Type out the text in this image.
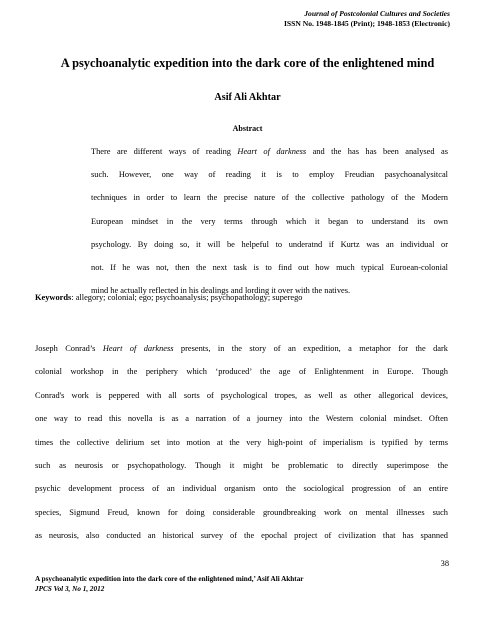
Journal of Postcolonial Cultures and Societies
ISSN No. 1948-1845 (Print); 1948-1853 (Electronic)
A psychoanalytic expedition into the dark core of the enlightened mind
Asif Ali Akhtar
Abstract
There are different ways of reading Heart of darkness and the has has been analysed as
such. However, one way of reading it is to employ Freudian pasychoanalysitcal
techniques in order to learn the precise nature of the collective pathology of the Modern
European mindset in the very terms through which it began to understand its own
psychology. By doing so, it will be helpeful to underatnd if Kurtz was an individual or
not. If he was not, then the next task is to find out how much typical Euroean-colonial
mind he actually reflected in his dealings and lording it over with the natives.
Keywords: allegory; colonial; ego; psychoanalysis; psychopathology; superego
Joseph Conrad’s Heart of darkness presents, in the story of an expedition, a metaphor for the dark
colonial workshop in the periphery which ‘produced’ the age of Enlightenment in Europe. Though
Conrad's work is peppered with all sorts of psychological tropes, as well as other allegorical devices,
one way to read this novella is as a narration of a journey into the Western colonial mindset. Often
times the collective delirium set into motion at the very high-point of imperialism is typified by terms
such as neurosis or psychopathology. Though it might be problematic to directly superimpose the
psychic development process of an individual organism onto the sociological progression of an entire
species, Sigmund Freud, known for doing considerable groundbreaking work on mental illnesses such
as neurosis, also conducted an historical survey of the epochal project of civilization that has spanned
38
A psychoanalytic expedition into the dark core of the enlightened mind,’ Asif Ali Akhtar
JPCS Vol 3, No 1, 2012
